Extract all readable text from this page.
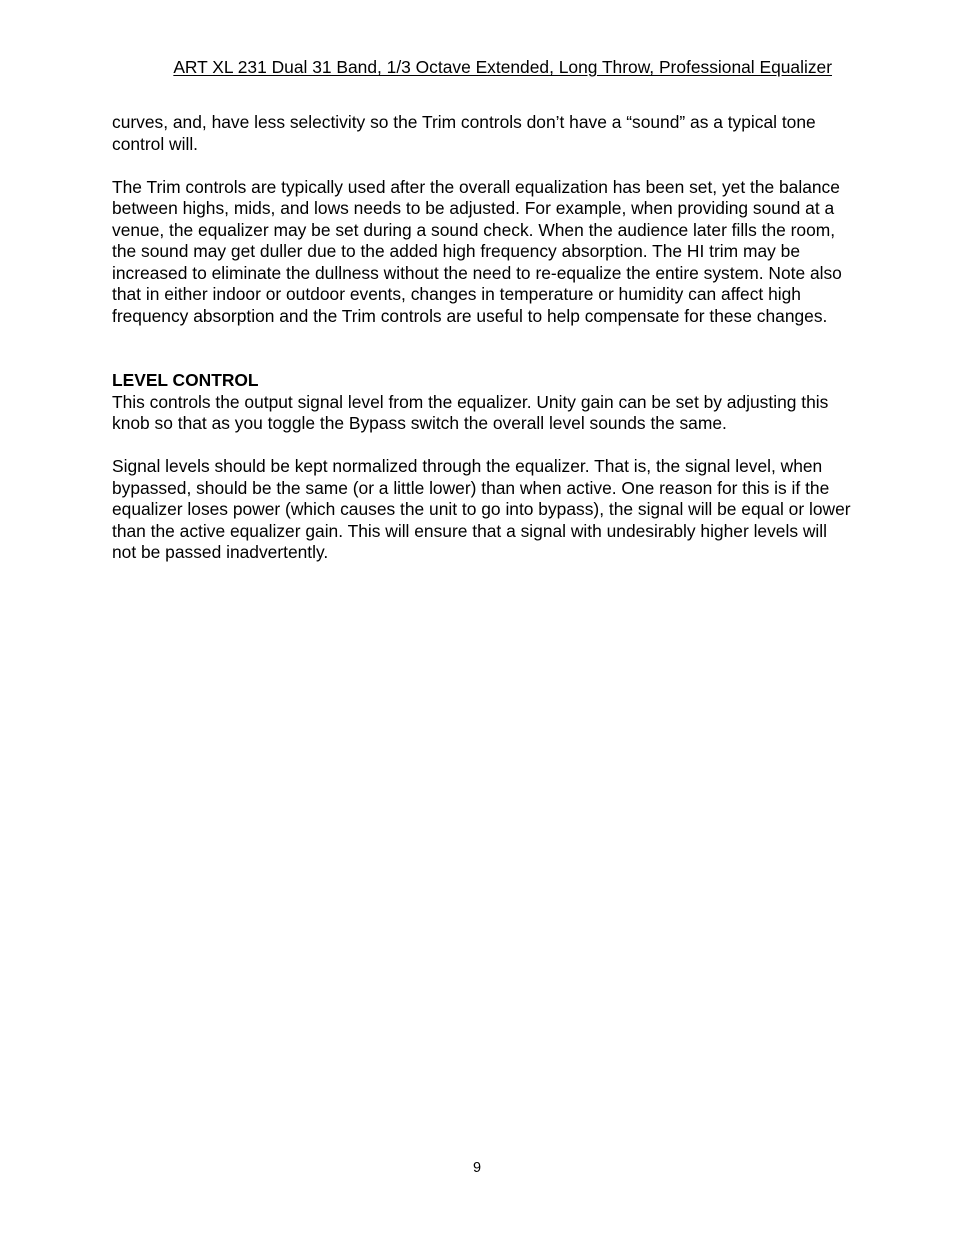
ART XL 231 Dual 31 Band, 1/3 Octave Extended, Long Throw, Professional Equalizer

curves, and, have less selectivity so the Trim controls don’t have a “sound” as a typical tone control will.

The Trim controls are typically used after the overall equalization has been set, yet the balance between highs, mids, and lows needs to be adjusted. For example, when providing sound at a venue, the equalizer may be set during a sound check. When the audience later fills the room, the sound may get duller due to the added high frequency absorption. The HI trim may be increased to eliminate the dullness without the need to re-equalize the entire system. Note also that in either indoor or outdoor events, changes in temperature or humidity can affect high frequency absorption and the Trim controls are useful to help compensate for these changes.

LEVEL CONTROL

This controls the output signal level from the equalizer. Unity gain can be set by adjusting this knob so that as you toggle the Bypass switch the overall level sounds the same.

Signal levels should be kept normalized through the equalizer. That is, the signal level, when bypassed, should be the same (or a little lower) than when active. One reason for this is if the equalizer loses power (which causes the unit to go into bypass), the signal will be equal or lower than the active equalizer gain. This will ensure that a signal with undesirably higher levels will not be passed inadvertently.

9
